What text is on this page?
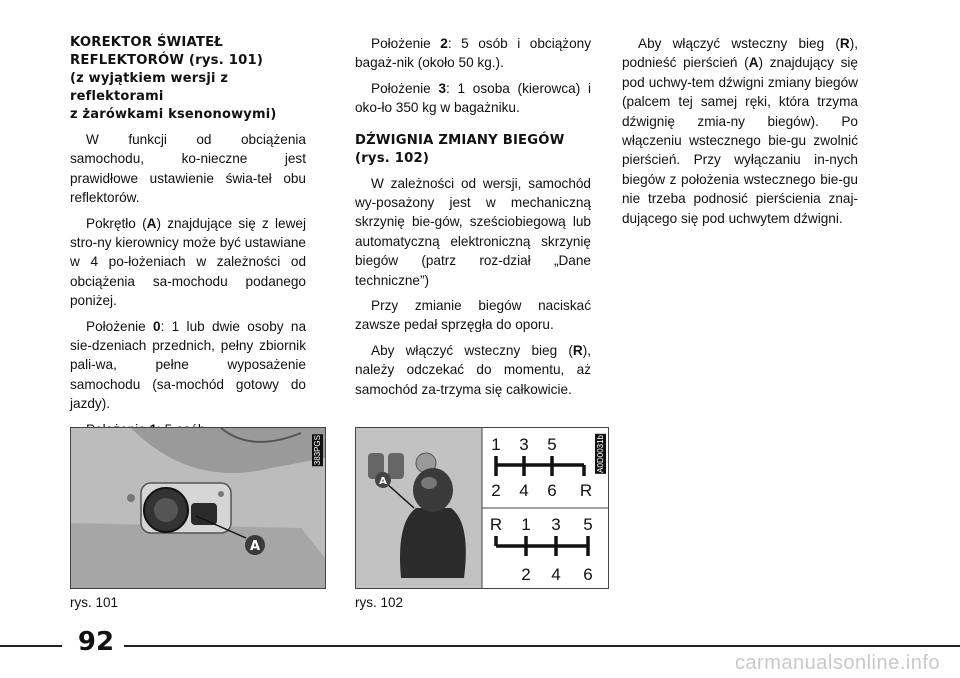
KOREKTOR ŚWIATEŁ
REFLEKTORÓW (rys. 101)
(z wyjątkiem wersji z reflektorami
z żarówkami ksenonowymi)

W funkcji od obciążenia samochodu, ko-nieczne jest prawidłowe ustawienie świa-teł obu reflektorów.

Pokrętło (A) znajdujące się z lewej stro-ny kierownicy może być ustawiane w 4 po-łożeniach w zależności od obciążenia sa-mochodu podanego poniżej.

Położenie 0: 1 lub dwie osoby na sie-dzeniach przednich, pełny zbiornik pali-wa, pełne wyposażenie samochodu (sa-mochód gotowy do jazdy).

Położenie 2: 5 osób i obciążony bagaż-nik (około 50 kg.).

Położenie 3: 1 osoba (kierowca) i oko-ło 350 kg w bagażniku.

DŹWIGNIA ZMIANY BIEGÓW
(rys. 102)

W zależności od wersji, samochód wy-posażony jest w mechaniczną skrzynię bie-gów, sześciobiegową lub automatyczną elektroniczną skrzynię biegów (patrz roz-dział „Dane techniczne”)

Przy zmianie biegów naciskać zawsze pedał sprzęgła do oporu.

Aby włączyć wsteczny bieg (R), należy odczekać do momentu, aż samochód za-trzyma się całkowicie.

Aby włączyć wsteczny bieg (R), podnieść pierścień (A) znajdujący się pod uchwy-tem dźwigni zmiany biegów (palcem tej samej ręki, która trzyma dźwignię zmia-ny biegów). Po włączeniu wstecznego bie-gu zwolnić pierścień. Przy wyłączaniu in-nych biegów z położenia wstecznego bie-gu nie trzeba podnosić pierścienia znaj-dującego się pod uchwytem dźwigni.

A
383PGS
rys. 101
A
1 3 5
2 4 6 R
R 1 3 5
2 4 6
A0D0031b
rys. 102
92
carmanualsonline.info
